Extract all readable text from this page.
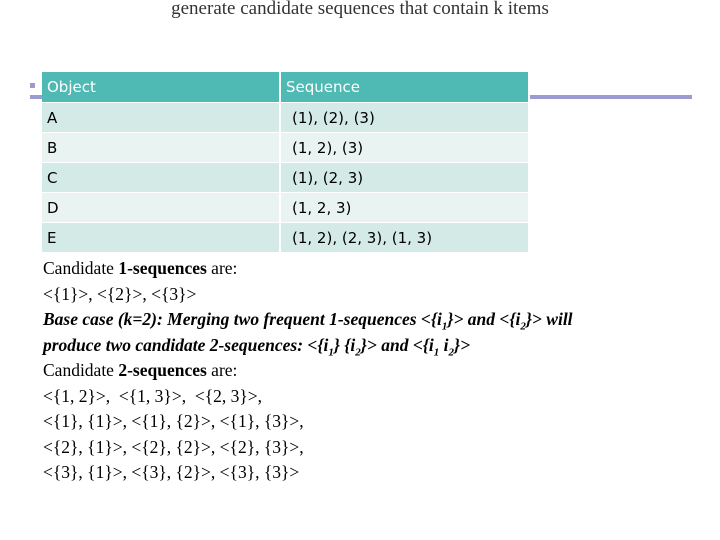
generate candidate sequences that contain k items
Object	Sequence
A	(1), (2), (3)
B	(1, 2), (3)
C	(1), (2, 3)
D	(1, 2, 3)
E	(1, 2), (2, 3), (1, 3)
Candidate 1-sequences are:
<{1}>, <{2}>, <{3}>
Base case (k=2): Merging two frequent 1-sequences $<\{i_1\}>$ and $<\{i_2\}>$ will
produce two candidate 2-sequences: $<\{i_1\}$ $\{i_2\}>$ and $<\{i_1$ $i_2\}>$
Candidate 2-sequences are:
<{1, 2}>,  <{1, 3}>,  <{2, 3}>,
<{1}, {1}>, <{1}, {2}>, <{1}, {3}>,
<{2}, {1}>, <{2}, {2}>, <{2}, {3}>,
<{3}, {1}>, <{3}, {2}>, <{3}, {3}>
